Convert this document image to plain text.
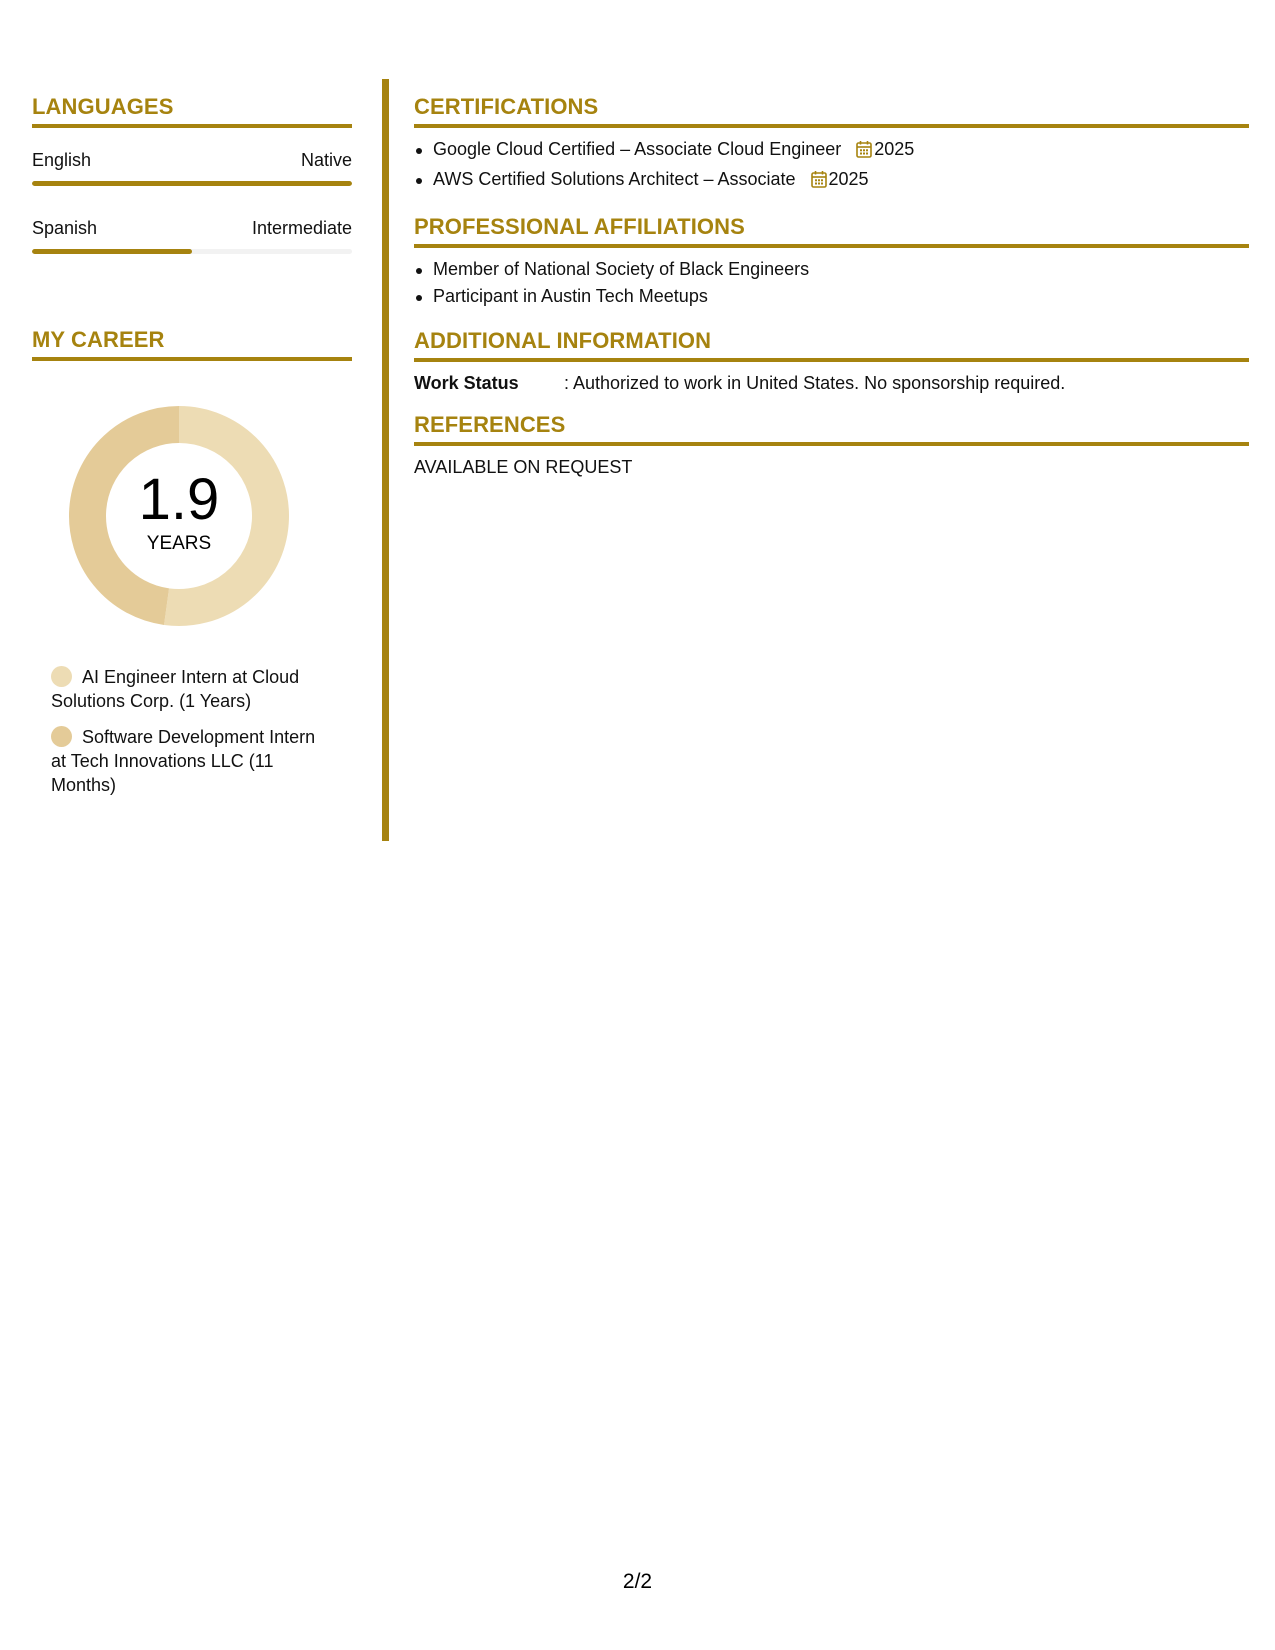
LANGUAGES
English	Native
Spanish	Intermediate
MY CAREER
1.9
YEARS
AI Engineer Intern at Cloud Solutions Corp. (1 Years)
Software Development Intern at Tech Innovations LLC (11 Months)
CERTIFICATIONS
Google Cloud Certified – Associate Cloud Engineer 2025
AWS Certified Solutions Architect – Associate 2025
PROFESSIONAL AFFILIATIONS
Member of National Society of Black Engineers
Participant in Austin Tech Meetups
ADDITIONAL INFORMATION
Work Status	: Authorized to work in United States. No sponsorship required.
REFERENCES
AVAILABLE ON REQUEST
2/2
